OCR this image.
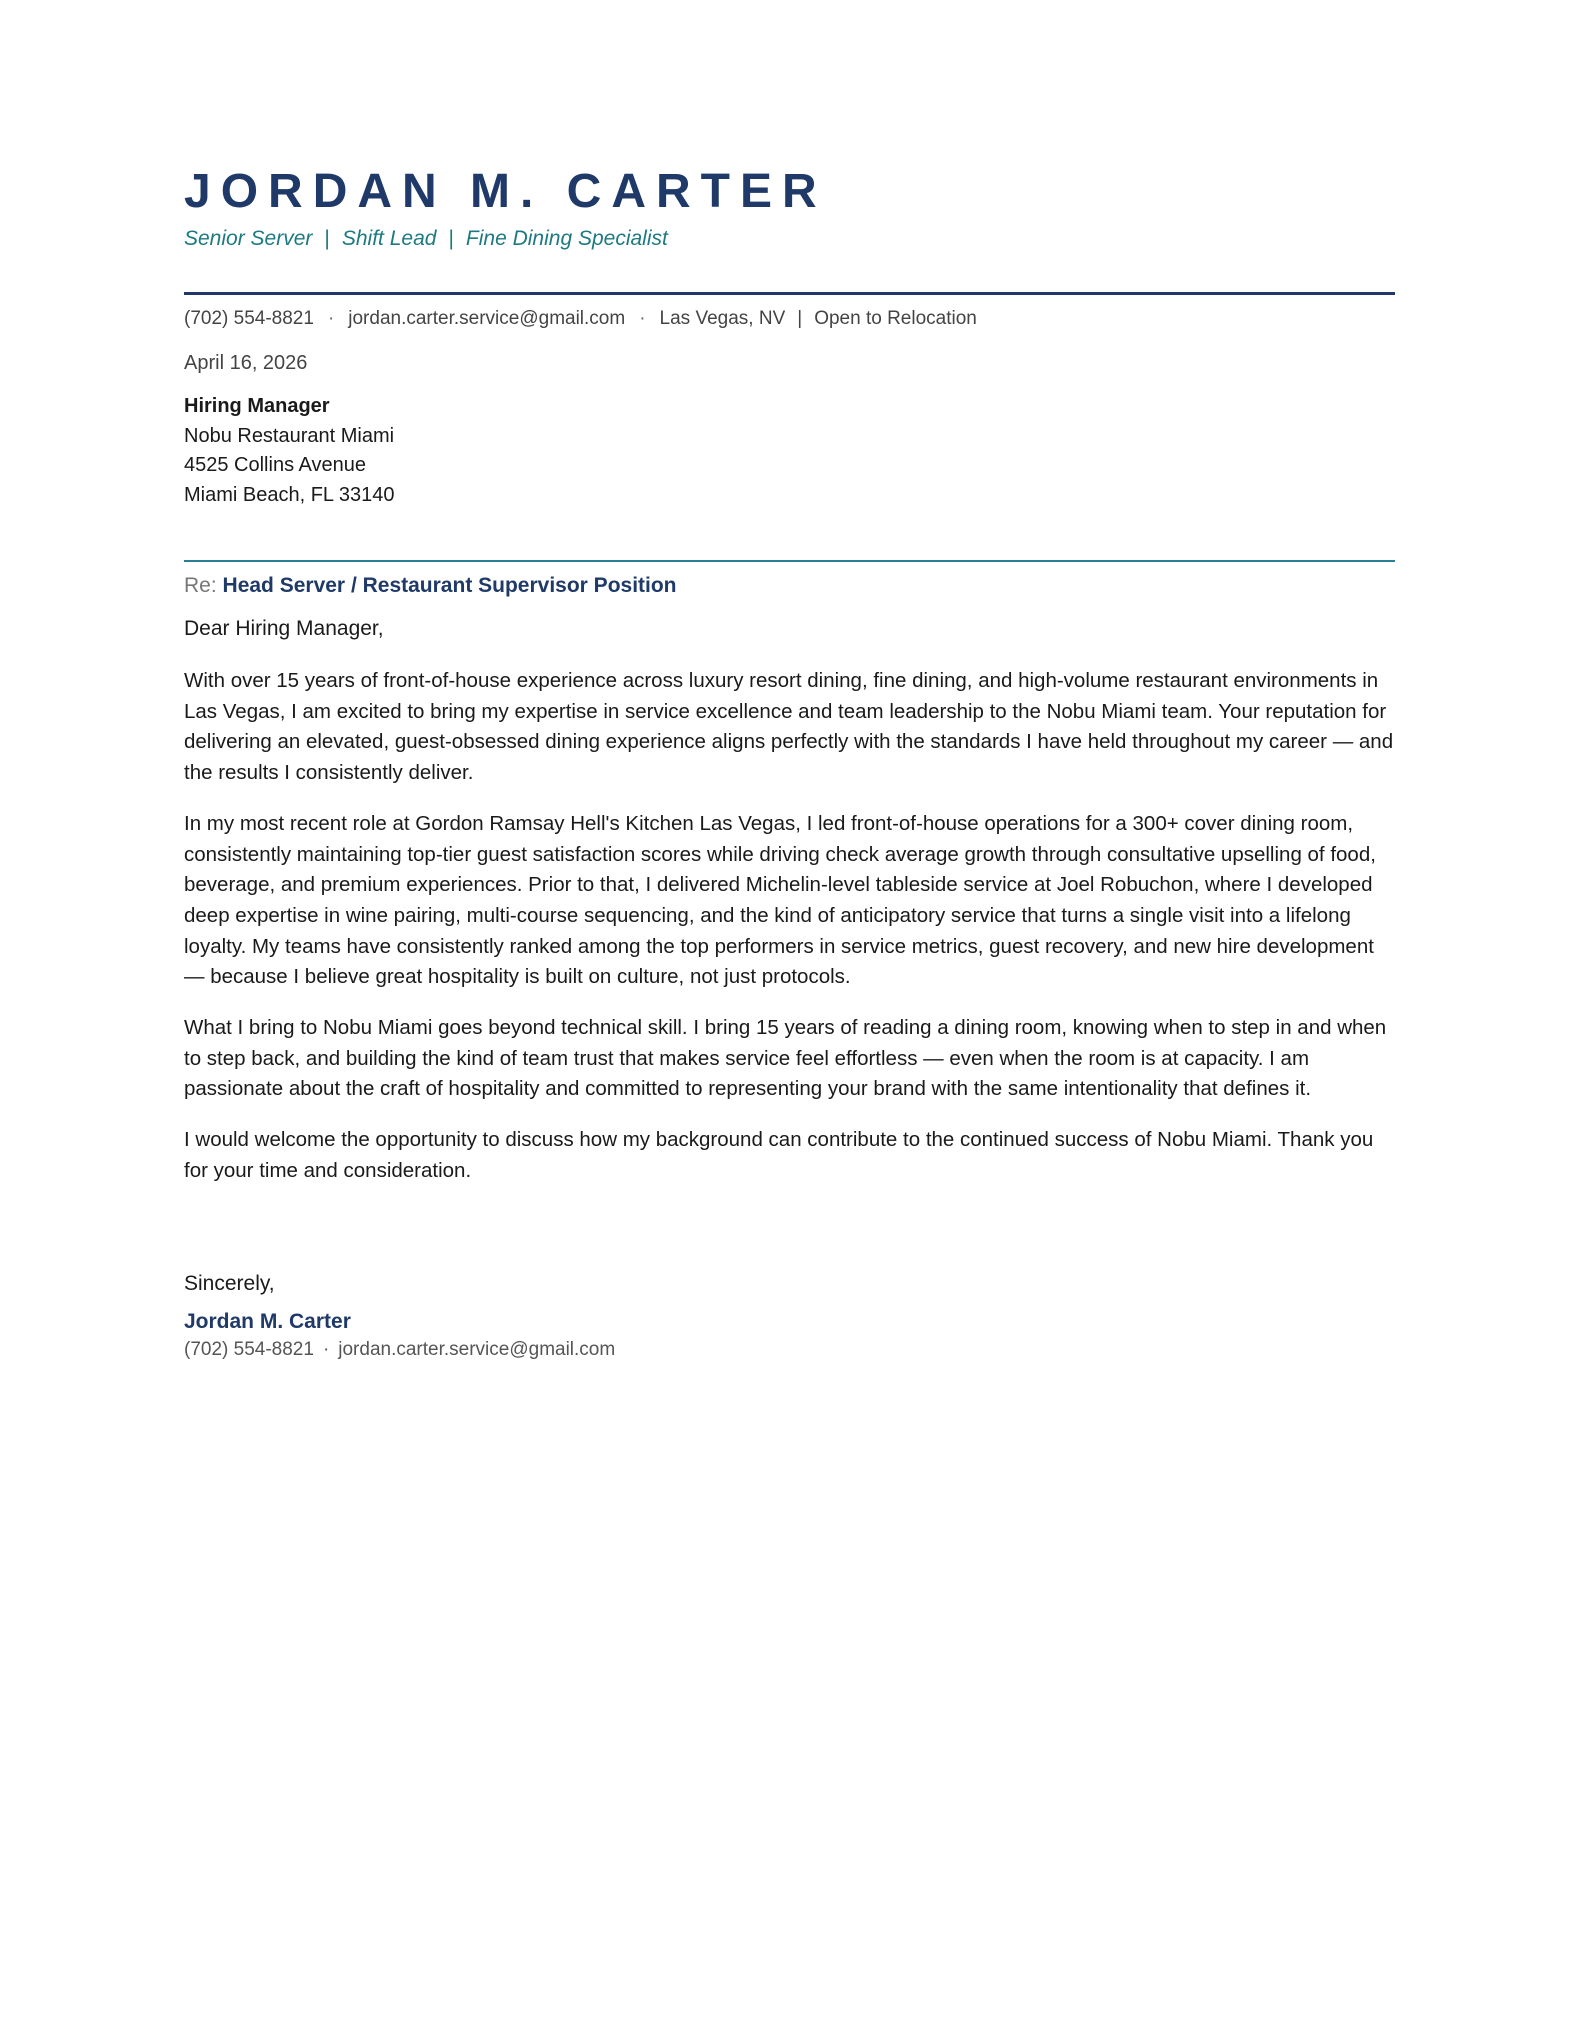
JORDAN M. CARTER
Senior Server | Shift Lead | Fine Dining Specialist
(702) 554-8821 · jordan.carter.service@gmail.com · Las Vegas, NV | Open to Relocation
April 16, 2026
Hiring Manager
Nobu Restaurant Miami
4525 Collins Avenue
Miami Beach, FL 33140
Re: Head Server / Restaurant Supervisor Position
Dear Hiring Manager,

With over 15 years of front-of-house experience across luxury resort dining, fine dining, and high-volume restaurant environments in Las Vegas, I am excited to bring my expertise in service excellence and team leadership to the Nobu Miami team. Your reputation for delivering an elevated, guest-obsessed dining experience aligns perfectly with the standards I have held throughout my career — and the results I consistently deliver.

In my most recent role at Gordon Ramsay Hell's Kitchen Las Vegas, I led front-of-house operations for a 300+ cover dining room, consistently maintaining top-tier guest satisfaction scores while driving check average growth through consultative upselling of food, beverage, and premium experiences. Prior to that, I delivered Michelin-level tableside service at Joel Robuchon, where I developed deep expertise in wine pairing, multi-course sequencing, and the kind of anticipatory service that turns a single visit into a lifelong loyalty. My teams have consistently ranked among the top performers in service metrics, guest recovery, and new hire development — because I believe great hospitality is built on culture, not just protocols.

What I bring to Nobu Miami goes beyond technical skill. I bring 15 years of reading a dining room, knowing when to step in and when to step back, and building the kind of team trust that makes service feel effortless — even when the room is at capacity. I am passionate about the craft of hospitality and committed to representing your brand with the same intentionality that defines it.

I would welcome the opportunity to discuss how my background can contribute to the continued success of Nobu Miami. Thank you for your time and consideration.

Sincerely,
Jordan M. Carter
(702) 554-8821 · jordan.carter.service@gmail.com
